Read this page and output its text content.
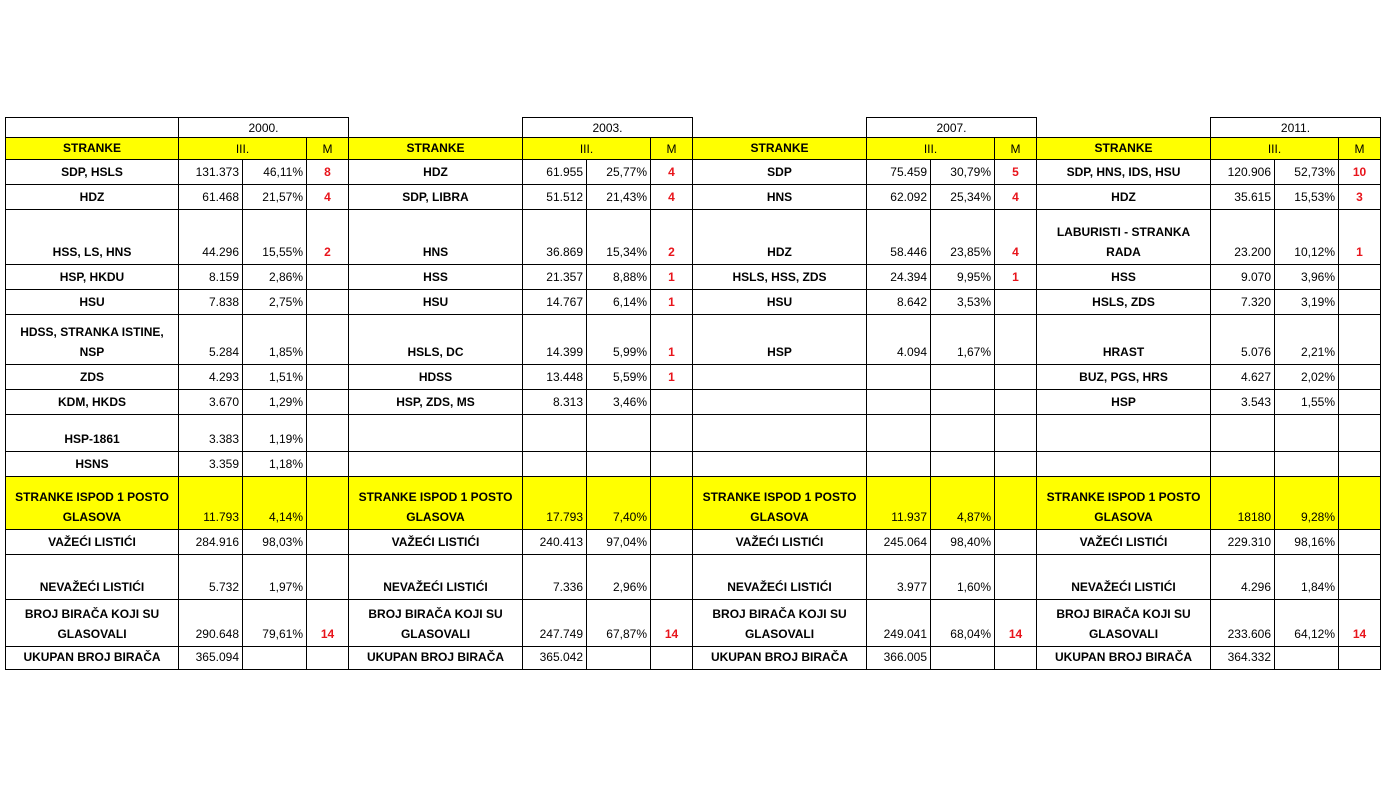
2000.
STRANKE	III.	M
SDP, HSLS	131.373	46,11%	8
HDZ	61.468	21,57%	4
HSS, LS, HNS	44.296	15,55%	2
HSP, HKDU	8.159	2,86%
HSU	7.838	2,75%
HDSS, STRANKA ISTINE,
NSP	5.284	1,85%
ZDS	4.293	1,51%
KDM, HKDS	3.670	1,29%
HSP-1861	3.383	1,19%
HSNS	3.359	1,18%
STRANKE ISPOD 1 POSTO
GLASOVA	11.793	4,14%
VAŽEĆI LISTIĆI	284.916	98,03%
NEVAŽEĆI LISTIĆI	5.732	1,97%
BROJ BIRAČA KOJI SU
GLASOVALI	290.648	79,61%	14
UKUPAN BROJ BIRAČA	365.094
2003.
STRANKE	III.	M
HDZ	61.955	25,77%	4
SDP, LIBRA	51.512	21,43%	4
HNS	36.869	15,34%	2
HSS	21.357	8,88%	1
HSU	14.767	6,14%	1
HSLS, DC	14.399	5,99%	1
HDSS	13.448	5,59%	1
HSP, ZDS, MS	8.313	3,46%
STRANKE ISPOD 1 POSTO
GLASOVA	17.793	7,40%
VAŽEĆI LISTIĆI	240.413	97,04%
NEVAŽEĆI LISTIĆI	7.336	2,96%
BROJ BIRAČA KOJI SU
GLASOVALI	247.749	67,87%	14
UKUPAN BROJ BIRAČA	365.042
2007.
STRANKE	III.	M
SDP	75.459	30,79%	5
HNS	62.092	25,34%	4
HDZ	58.446	23,85%	4
HSLS, HSS, ZDS	24.394	9,95%	1
HSU	8.642	3,53%
HSP	4.094	1,67%
STRANKE ISPOD 1 POSTO
GLASOVA	11.937	4,87%
VAŽEĆI LISTIĆI	245.064	98,40%
NEVAŽEĆI LISTIĆI	3.977	1,60%
BROJ BIRAČA KOJI SU
GLASOVALI	249.041	68,04%	14
UKUPAN BROJ BIRAČA	366.005
2011.
STRANKE	III.	M
SDP, HNS, IDS, HSU	120.906	52,73%	10
HDZ	35.615	15,53%	3
LABURISTI - STRANKA
RADA	23.200	10,12%	1
HSS	9.070	3,96%
HSLS, ZDS	7.320	3,19%
HRAST	5.076	2,21%
BUZ, PGS, HRS	4.627	2,02%
HSP	3.543	1,55%
STRANKE ISPOD 1 POSTO
GLASOVA	18180	9,28%
VAŽEĆI LISTIĆI	229.310	98,16%
NEVAŽEĆI LISTIĆI	4.296	1,84%
BROJ BIRAČA KOJI SU
GLASOVALI	233.606	64,12%	14
UKUPAN BROJ BIRAČA	364.332
